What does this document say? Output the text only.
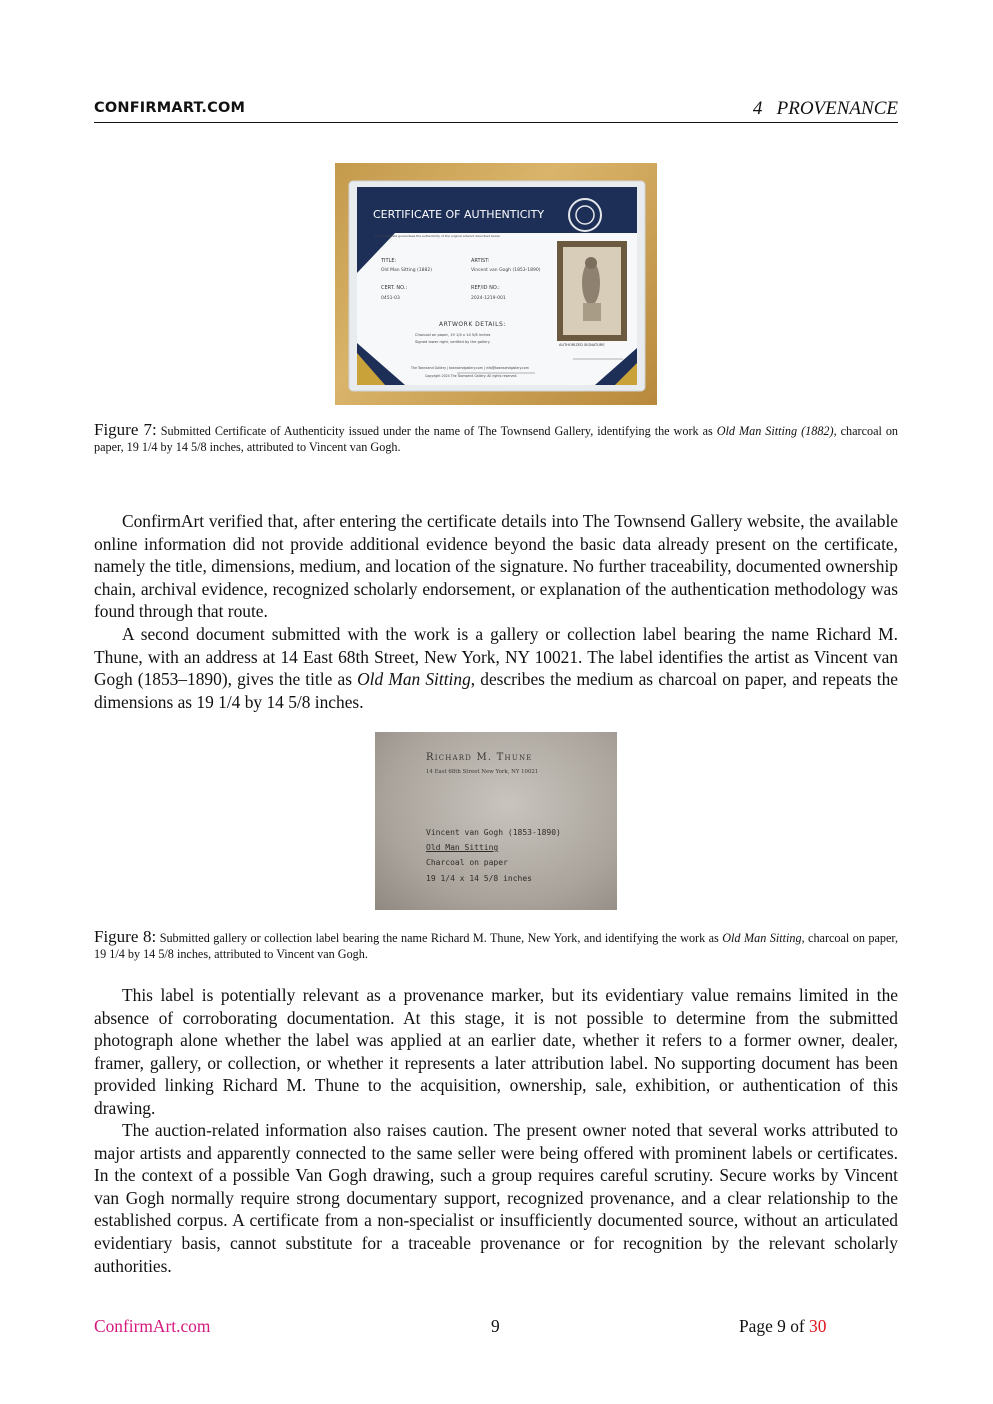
CONFIRMART.COM	4   PROVENANCE
CERTIFICATE OF AUTHENTICITY
This certificate guarantees the authenticity of the original artwork described below
TITLE:
Old Man Sitting (1882)
ARTIST:
Vincent van Gogh (1853-1890)
CERT. NO.:
0451-03
REF/ID NO.:
2024-1219-001
ARTWORK DETAILS:
Charcoal on paper, 19 1/4 x 14 5/8 inches
Signed lower right, verified by the gallery
AUTHORIZED SIGNATURE
The Townsend Gallery | townsendgallery.com | info@townsendgallery.com
Copyright 2024 The Townsend Gallery. All rights reserved.
Figure 7: Submitted Certificate of Authenticity issued under the name of The Townsend Gallery, identifying the work as Old Man Sitting (1882), charcoal on paper, 19 1/4 by 14 5/8 inches, attributed to Vincent van Gogh.

ConfirmArt verified that, after entering the certificate details into The Townsend Gallery website, the available online information did not provide additional evidence beyond the basic data already present on the certificate, namely the title, dimensions, medium, and location of the signature. No further traceability, documented ownership chain, archival evidence, recognized scholarly endorsement, or explanation of the authentication methodology was found through that route.

A second document submitted with the work is a gallery or collection label bearing the name Richard M. Thune, with an address at 14 East 68th Street, New York, NY 10021. The label identifies the artist as Vincent van Gogh (1853–1890), gives the title as Old Man Sitting, describes the medium as charcoal on paper, and repeats the dimensions as 19 1/4 by 14 5/8 inches.

Richard M. Thune
14 East 68th Street New York, NY 10021
Vincent van Gogh (1853-1890)
Old Man Sitting
Charcoal on paper
19 1/4 x 14 5/8 inches
Figure 8: Submitted gallery or collection label bearing the name Richard M. Thune, New York, and identifying the work as Old Man Sitting, charcoal on paper, 19 1/4 by 14 5/8 inches, attributed to Vincent van Gogh.

This label is potentially relevant as a provenance marker, but its evidentiary value remains limited in the absence of corroborating documentation. At this stage, it is not possible to determine from the submitted photograph alone whether the label was applied at an earlier date, whether it refers to a former owner, dealer, framer, gallery, or collection, or whether it represents a later attribution label. No supporting document has been provided linking Richard M. Thune to the acquisition, ownership, sale, exhibition, or authentication of this drawing.

The auction-related information also raises caution. The present owner noted that several works attributed to major artists and apparently connected to the same seller were being offered with prominent labels or certificates. In the context of a possible Van Gogh drawing, such a group requires careful scrutiny. Secure works by Vincent van Gogh normally require strong documentary support, recognized provenance, and a clear relationship to the established corpus. A certificate from a non-specialist or insufficiently documented source, without an articulated evidentiary basis, cannot substitute for a traceable provenance or for recognition by the relevant scholarly authorities.

ConfirmArt.com	9	Page 9 of 30
